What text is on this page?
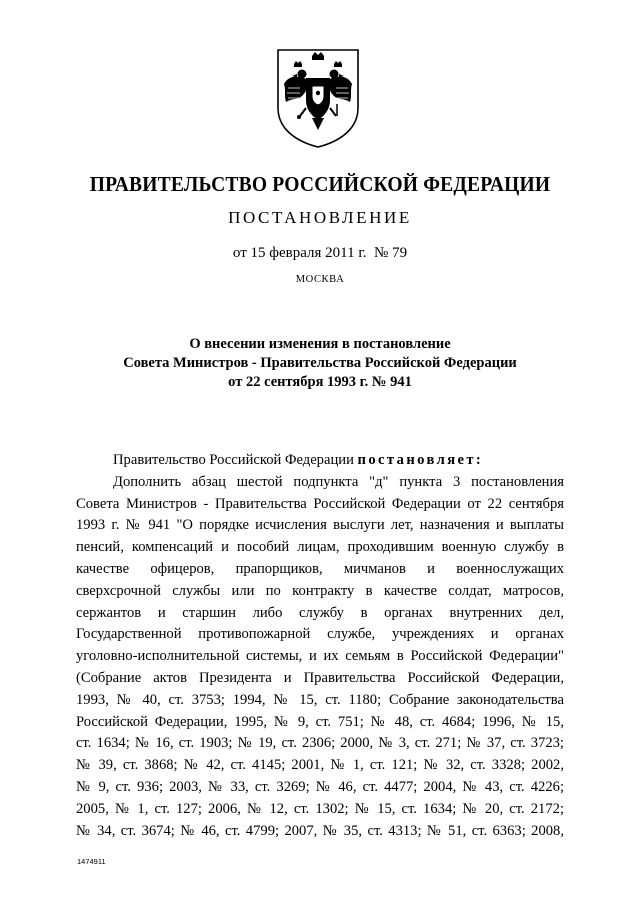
ПРАВИТЕЛЬСТВО РОССИЙСКОЙ ФЕДЕРАЦИИ
ПОСТАНОВЛЕНИЕ
от 15 февраля 2011 г. № 79
МОСКВА
О внесении изменения в постановление
Совета Министров - Правительства Российской Федерации
от 22 сентября 1993 г. № 941
Правительство Российской Федерации постановляет:
Дополнить абзац шестой подпункта "д" пункта 3 постановления
Совета Министров - Правительства Российской Федерации от 22 сентября
1993 г. № 941 "О порядке исчисления выслуги лет, назначения и выплаты
пенсий, компенсаций и пособий лицам, проходившим военную службу в
качестве офицеров, прапорщиков, мичманов и военнослужащих
сверхсрочной службы или по контракту в качестве солдат, матросов,
сержантов и старшин либо службу в органах внутренних дел,
Государственной противопожарной службе, учреждениях и органах
уголовно-исполнительной системы, и их семьям в Российской Федерации"
(Собрание актов Президента и Правительства Российской Федерации,
1993, № 40, ст. 3753; 1994, № 15, ст. 1180; Собрание законодательства
Российской Федерации, 1995, № 9, ст. 751; № 48, ст. 4684; 1996, № 15,
ст. 1634; № 16, ст. 1903; № 19, ст. 2306; 2000, № 3, ст. 271; № 37, ст. 3723;
№ 39, ст. 3868; № 42, ст. 4145; 2001, № 1, ст. 121; № 32, ст. 3328; 2002,
№ 9, ст. 936; 2003, № 33, ст. 3269; № 46, ст. 4477; 2004, № 43, ст. 4226;
2005, № 1, ст. 127; 2006, № 12, ст. 1302; № 15, ст. 1634; № 20, ст. 2172;
№ 34, ст. 3674; № 46, ст. 4799; 2007, № 35, ст. 4313; № 51, ст. 6363; 2008,
1474911
